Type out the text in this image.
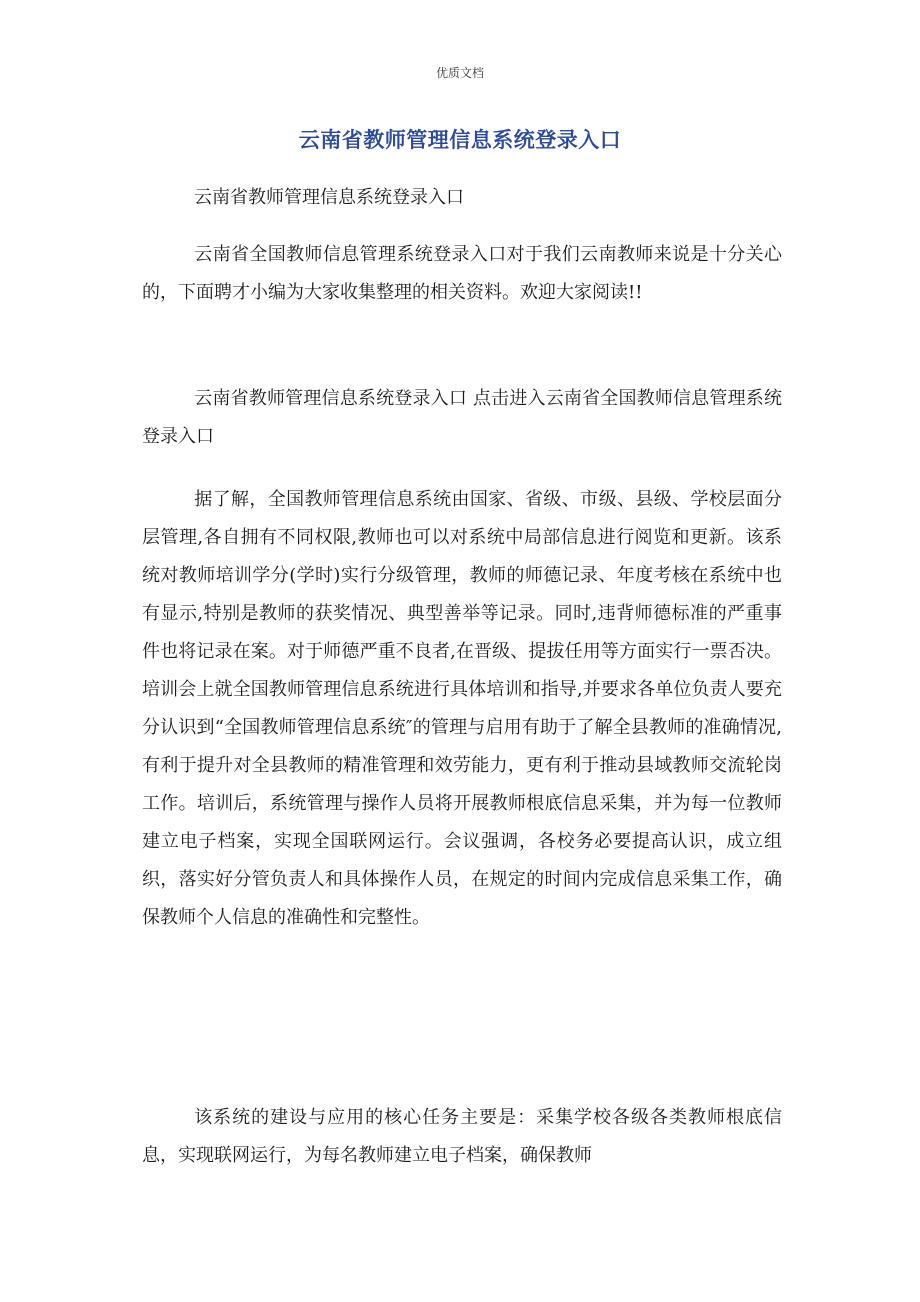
优质文档
云南省教师管理信息系统登录入口
云南省教师管理信息系统登录入口
云南省全国教师信息管理系统登录入口对于我们云南教师来说是十分关心的，下面聘才小编为大家收集整理的相关资料。欢迎大家阅读!!
云南省教师管理信息系统登录入口 点击进入云南省全国教师信息管理系统登录入口
据了解，全国教师管理信息系统由国家、省级、市级、县级、学校层面分层管理,各自拥有不同权限,教师也可以对系统中局部信息进行阅览和更新。该系统对教师培训学分(学时)实行分级管理，教师的师德记录、年度考核在系统中也有显示,特别是教师的获奖情况、典型善举等记录。同时,违背师德标准的严重事件也将记录在案。对于师德严重不良者,在晋级、提拔任用等方面实行一票否决。培训会上就全国教师管理信息系统进行具体培训和指导,并要求各单位负责人要充分认识到“全国教师管理信息系统″的管理与启用有助于了解全县教师的准确情况,有利于提升对全县教师的精准管理和效劳能力，更有利于推动县域教师交流轮岗工作。培训后，系统管理与操作人员将开展教师根底信息采集，并为每一位教师建立电子档案，实现全国联网运行。会议强调，各校务必要提高认识，成立组织，落实好分管负责人和具体操作人员，在规定的时间内完成信息采集工作，确保教师个人信息的准确性和完整性。
该系统的建设与应用的核心任务主要是：采集学校各级各类教师根底信息，实现联网运行，为每名教师建立电子档案，确保教师
